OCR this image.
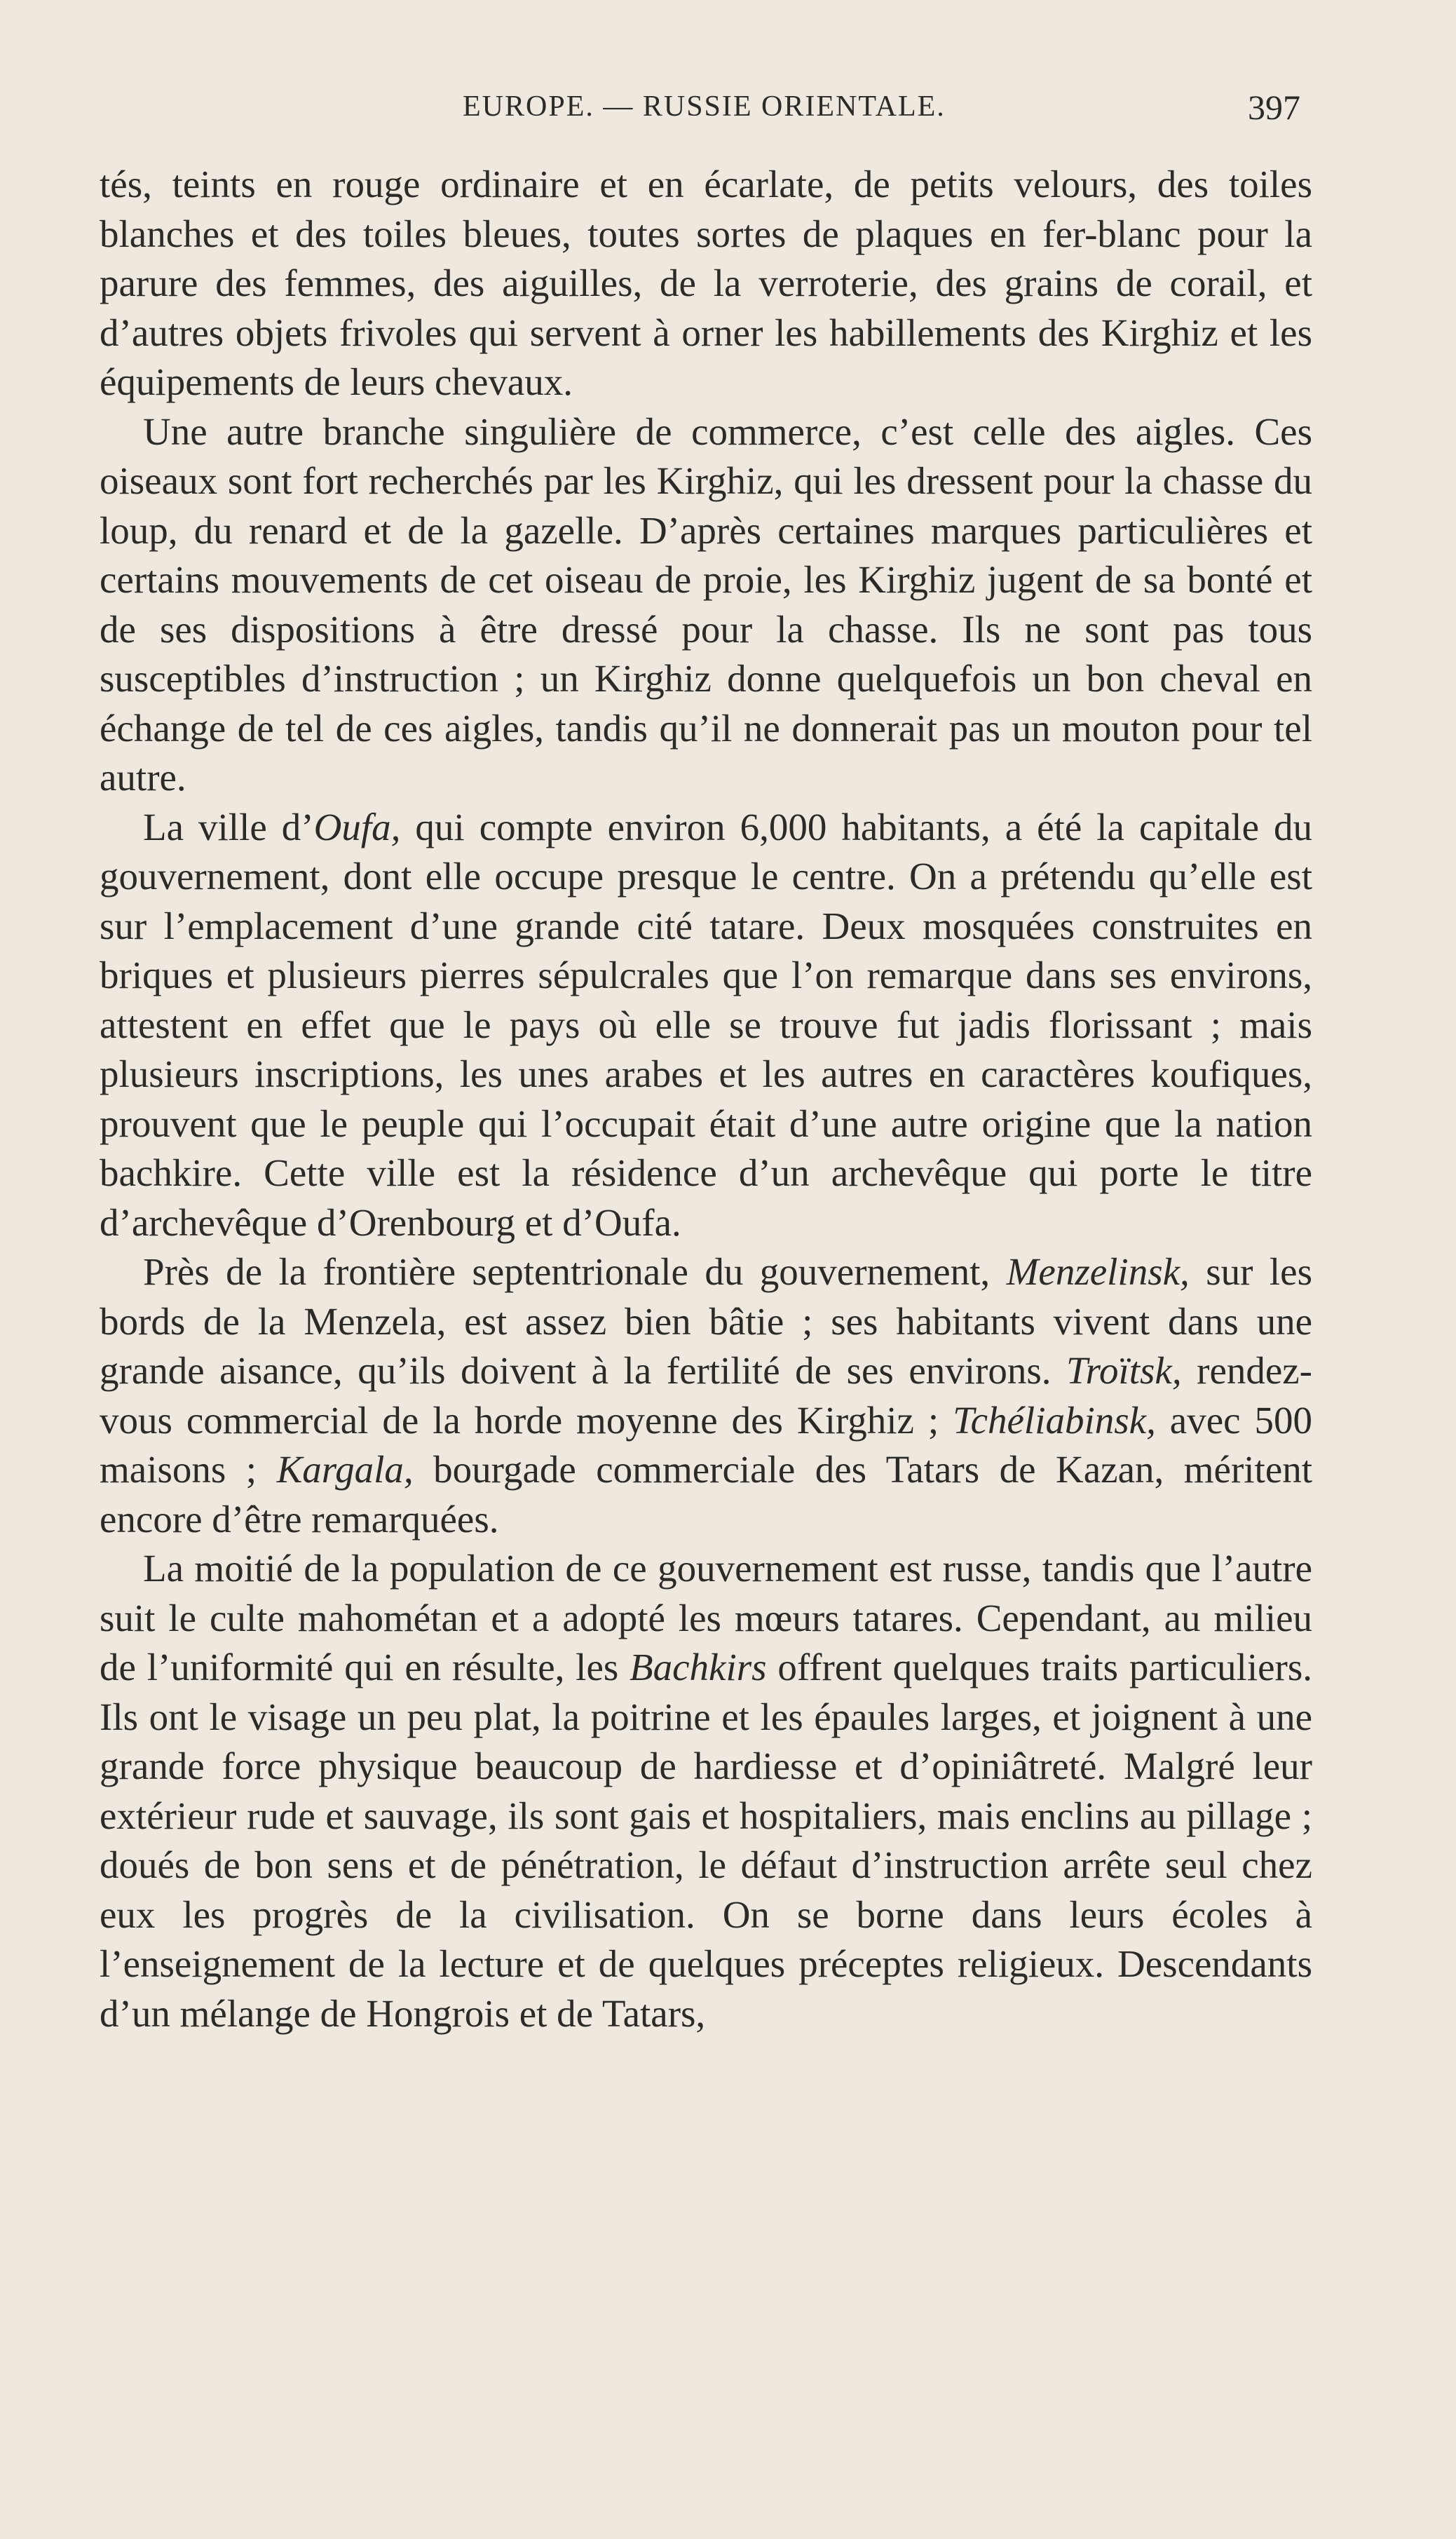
EUROPE. — RUSSIE ORIENTALE.	397

tés, teints en rouge ordinaire et en écarlate, de petits velours, des toiles blanches et des toiles bleues, toutes sortes de plaques en fer-blanc pour la parure des femmes, des aiguilles, de la verroterie, des grains de corail, et d’autres objets frivoles qui servent à orner les habillements des Kirghiz et les équipements de leurs chevaux.

Une autre branche singulière de commerce, c’est celle des aigles. Ces oiseaux sont fort recherchés par les Kirghiz, qui les dressent pour la chasse du loup, du renard et de la gazelle. D’après certaines marques particulières et certains mouvements de cet oiseau de proie, les Kirghiz jugent de sa bonté et de ses dispositions à être dressé pour la chasse. Ils ne sont pas tous susceptibles d’instruction ; un Kirghiz donne quelquefois un bon cheval en échange de tel de ces aigles, tandis qu’il ne donnerait pas un mouton pour tel autre.

La ville d’Oufa, qui compte environ 6,000 habitants, a été la capitale du gouvernement, dont elle occupe presque le centre. On a prétendu qu’elle est sur l’emplacement d’une grande cité tatare. Deux mosquées construites en briques et plusieurs pierres sépulcrales que l’on remarque dans ses environs, attestent en effet que le pays où elle se trouve fut jadis florissant ; mais plusieurs inscriptions, les unes arabes et les autres en caractères koufiques, prouvent que le peuple qui l’occupait était d’une autre origine que la nation bachkire. Cette ville est la résidence d’un archevêque qui porte le titre d’archevêque d’Orenbourg et d’Oufa.

Près de la frontière septentrionale du gouvernement, Menzelinsk, sur les bords de la Menzela, est assez bien bâtie ; ses habitants vivent dans une grande aisance, qu’ils doivent à la fertilité de ses environs. Troïtsk, rendez-vous commercial de la horde moyenne des Kirghiz ; Tchéliabinsk, avec 500 maisons ; Kargala, bourgade commerciale des Tatars de Kazan, méritent encore d’être remarquées.

La moitié de la population de ce gouvernement est russe, tandis que l’autre suit le culte mahométan et a adopté les mœurs tatares. Cependant, au milieu de l’uniformité qui en résulte, les Bachkirs offrent quelques traits particuliers. Ils ont le visage un peu plat, la poitrine et les épaules larges, et joignent à une grande force physique beaucoup de hardiesse et d’opiniâtreté. Malgré leur extérieur rude et sauvage, ils sont gais et hospitaliers, mais enclins au pillage ; doués de bon sens et de pénétration, le défaut d’instruction arrête seul chez eux les progrès de la civilisation. On se borne dans leurs écoles à l’enseignement de la lecture et de quelques préceptes religieux. Descendants d’un mélange de Hongrois et de Tatars,
